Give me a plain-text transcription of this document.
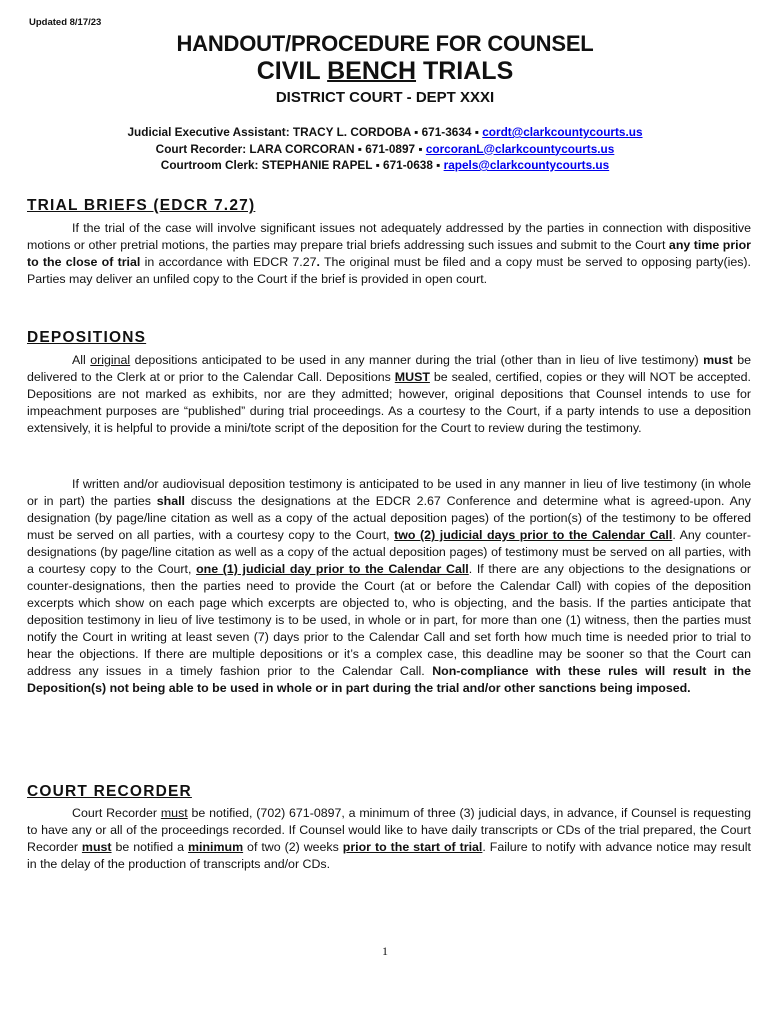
Updated 8/17/23
HANDOUT/PROCEDURE FOR COUNSEL
CIVIL BENCH TRIALS
DISTRICT COURT - DEPT XXXI
Judicial Executive Assistant: TRACY L. CORDOBA ▪ 671-3634 ▪ cordt@clarkcountycourts.us
Court Recorder: LARA CORCORAN ▪ 671-0897 ▪ corcoranL@clarkcountycourts.us
Courtroom Clerk: STEPHANIE RAPEL ▪ 671-0638 ▪ rapels@clarkcountycourts.us
TRIAL BRIEFS (EDCR 7.27)
If the trial of the case will involve significant issues not adequately addressed by the parties in connection with dispositive motions or other pretrial motions, the parties may prepare trial briefs addressing such issues and submit to the Court any time prior to the close of trial in accordance with EDCR 7.27. The original must be filed and a copy must be served to opposing party(ies). Parties may deliver an unfiled copy to the Court if the brief is provided in open court.
DEPOSITIONS
All original depositions anticipated to be used in any manner during the trial (other than in lieu of live testimony) must be delivered to the Clerk at or prior to the Calendar Call. Depositions MUST be sealed, certified, copies or they will NOT be accepted. Depositions are not marked as exhibits, nor are they admitted; however, original depositions that Counsel intends to use for impeachment purposes are “published” during trial proceedings. As a courtesy to the Court, if a party intends to use a deposition extensively, it is helpful to provide a mini/tote script of the deposition for the Court to review during the testimony.
If written and/or audiovisual deposition testimony is anticipated to be used in any manner in lieu of live testimony (in whole or in part) the parties shall discuss the designations at the EDCR 2.67 Conference and determine what is agreed-upon. Any designation (by page/line citation as well as a copy of the actual deposition pages) of the portion(s) of the testimony to be offered must be served on all parties, with a courtesy copy to the Court, two (2) judicial days prior to the Calendar Call. Any counter-designations (by page/line citation as well as a copy of the actual deposition pages) of testimony must be served on all parties, with a courtesy copy to the Court, one (1) judicial day prior to the Calendar Call. If there are any objections to the designations or counter-designations, then the parties need to provide the Court (at or before the Calendar Call) with copies of the deposition excerpts which show on each page which excerpts are objected to, who is objecting, and the basis. If the parties anticipate that deposition testimony in lieu of live testimony is to be used, in whole or in part, for more than one (1) witness, then the parties must notify the Court in writing at least seven (7) days prior to the Calendar Call and set forth how much time is needed prior to trial to hear the objections. If there are multiple depositions or it’s a complex case, this deadline may be sooner so that the Court can address any issues in a timely fashion prior to the Calendar Call. Non-compliance with these rules will result in the Deposition(s) not being able to be used in whole or in part during the trial and/or other sanctions being imposed.
COURT RECORDER
Court Recorder must be notified, (702) 671-0897, a minimum of three (3) judicial days, in advance, if Counsel is requesting to have any or all of the proceedings recorded. If Counsel would like to have daily transcripts or CDs of the trial prepared, the Court Recorder must be notified a minimum of two (2) weeks prior to the start of trial. Failure to notify with advance notice may result in the delay of the production of transcripts and/or CDs.
1
